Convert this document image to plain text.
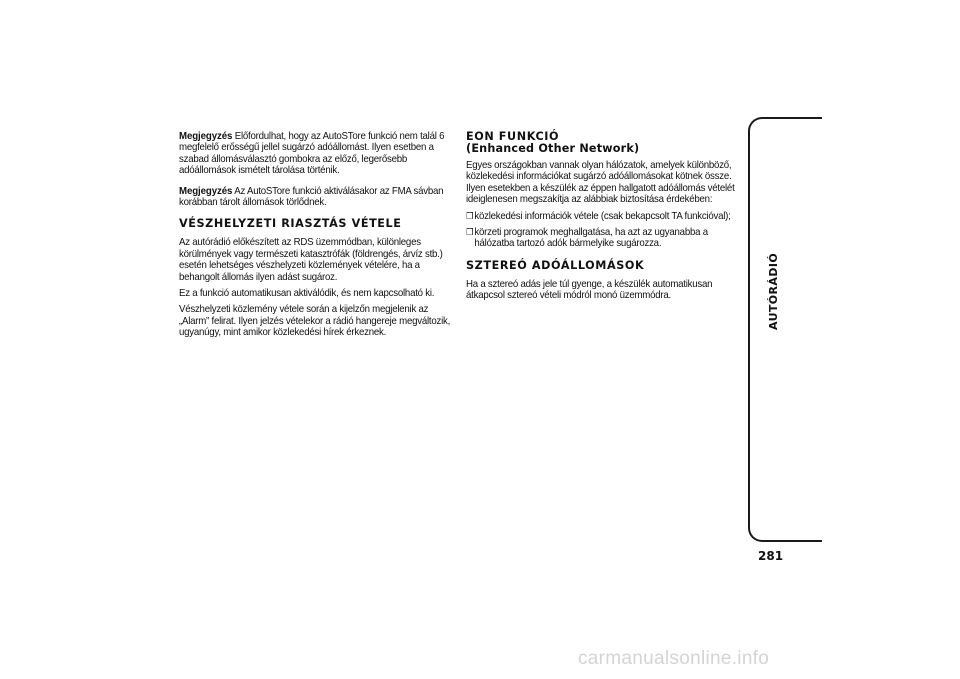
Megjegyzés Előfordulhat, hogy az AutoSTore funkció nem talál 6 megfelelő erősségű jellel sugárzó adóállomást. Ilyen esetben a szabad állomásválasztó gombokra az előző, legerősebb adóállomások ismételt tárolása történik.

Megjegyzés Az AutoSTore funkció aktiválásakor az FMA sávban korábban tárolt állomások törlődnek.

VÉSZHELYZETI RIASZTÁS VÉTELE

Az autórádió előkészített az RDS üzemmódban, különleges körülmények vagy természeti katasztrófák (földrengés, árvíz stb.) esetén lehetséges vészhelyzeti közlemények vételére, ha a behangolt állomás ilyen adást sugároz.

Ez a funkció automatikusan aktiválódik, és nem kapcsolható ki.

Vészhelyzeti közlemény vétele során a kijelzőn megjelenik az „Alarm” felirat. Ilyen jelzés vételekor a rádió hangereje megváltozik, ugyanúgy, mint amikor közlekedési hírek érkeznek.

EON FUNKCIÓ
(Enhanced Other Network)

Egyes országokban vannak olyan hálózatok, amelyek különböző, közlekedési információkat sugárzó adóállomásokat kötnek össze. Ilyen esetekben a készülék az éppen hallgatott adóállomás vételét ideiglenesen megszakítja az alábbiak biztosítása érdekében:

❒ közlekedési információk vétele (csak bekapcsolt TA funkcióval);
❒ körzeti programok meghallgatása, ha azt az ugyanabba a hálózatba tartozó adók bármelyike sugározza.
SZTEREÓ ADÓÁLLOMÁSOK

Ha a sztereó adás jele túl gyenge, a készülék automatikusan átkapcsol sztereó vételi módról monó üzemmódra.	AUTÓRÁDIÓ
281
carmanualsonline.info
